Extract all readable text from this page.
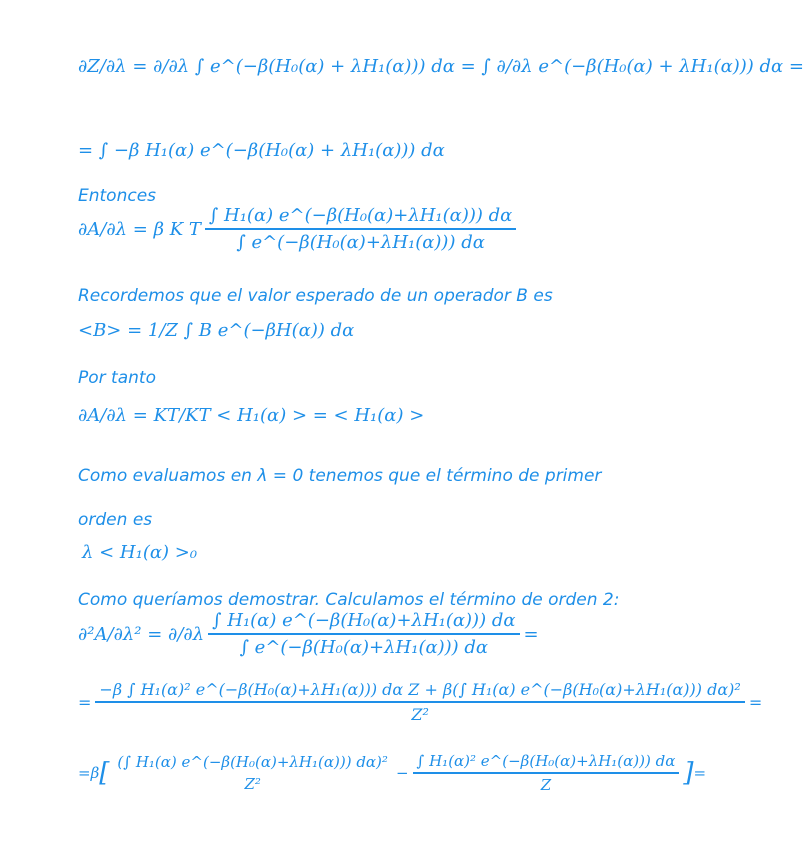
∂Z/∂λ = ∂/∂λ ∫ e^(−β(H₀(α) + λH₁(α))) dα = ∫ ∂/∂λ e^(−β(H₀(α) + λH₁(α))) dα =
= ∫ −β H₁(α) e^(−β(H₀(α) + λH₁(α))) dα
Entonces
∂A/∂λ = β K T $\frac{\text{∫ H₁(α) e\textasciicircum{}(−β(H₀(α)+λH₁(α))) dα}}{\text{∫ e\textasciicircum{}(−β(H₀(α)+λH₁(α))) dα}}$
Recordemos que el valor esperado de un operador B es
<B> = 1/Z ∫ B e^(−βH(α)) dα
Por tanto
∂A/∂λ = KT/KT < H₁(α) > = < H₁(α) >
Como evaluamos en λ = 0 tenemos que el término de primer
orden es
λ < H₁(α) >₀
Como queríamos demostrar. Calculamos el término de orden 2:
$\partial^2A/\partial\lambda^2 = \partial/\partial\lambda \frac{\text{∫ H₁(α) e\textasciicircum{}(−β(H₀(α)+λH₁(α))) dα}}{\text{∫ e\textasciicircum{}(−β(H₀(α)+λH₁(α))) dα}}$ =
=
−β ∫ H₁(α)² e^(−β(H₀(α)+λH₁(α))) dα Z + β(∫ H₁(α) e^(−β(H₀(α)+λH₁(α))) dα)²
Z²
=
=β [ (∫ H₁(α) e^(−β(H₀(α)+λH₁(α))) dα)²
Z²
− $\frac{\text{∫ H₁(α)² e\textasciicircum{}(−β(H₀(α)+λH₁(α))) dα}}{Z}$ ] =
